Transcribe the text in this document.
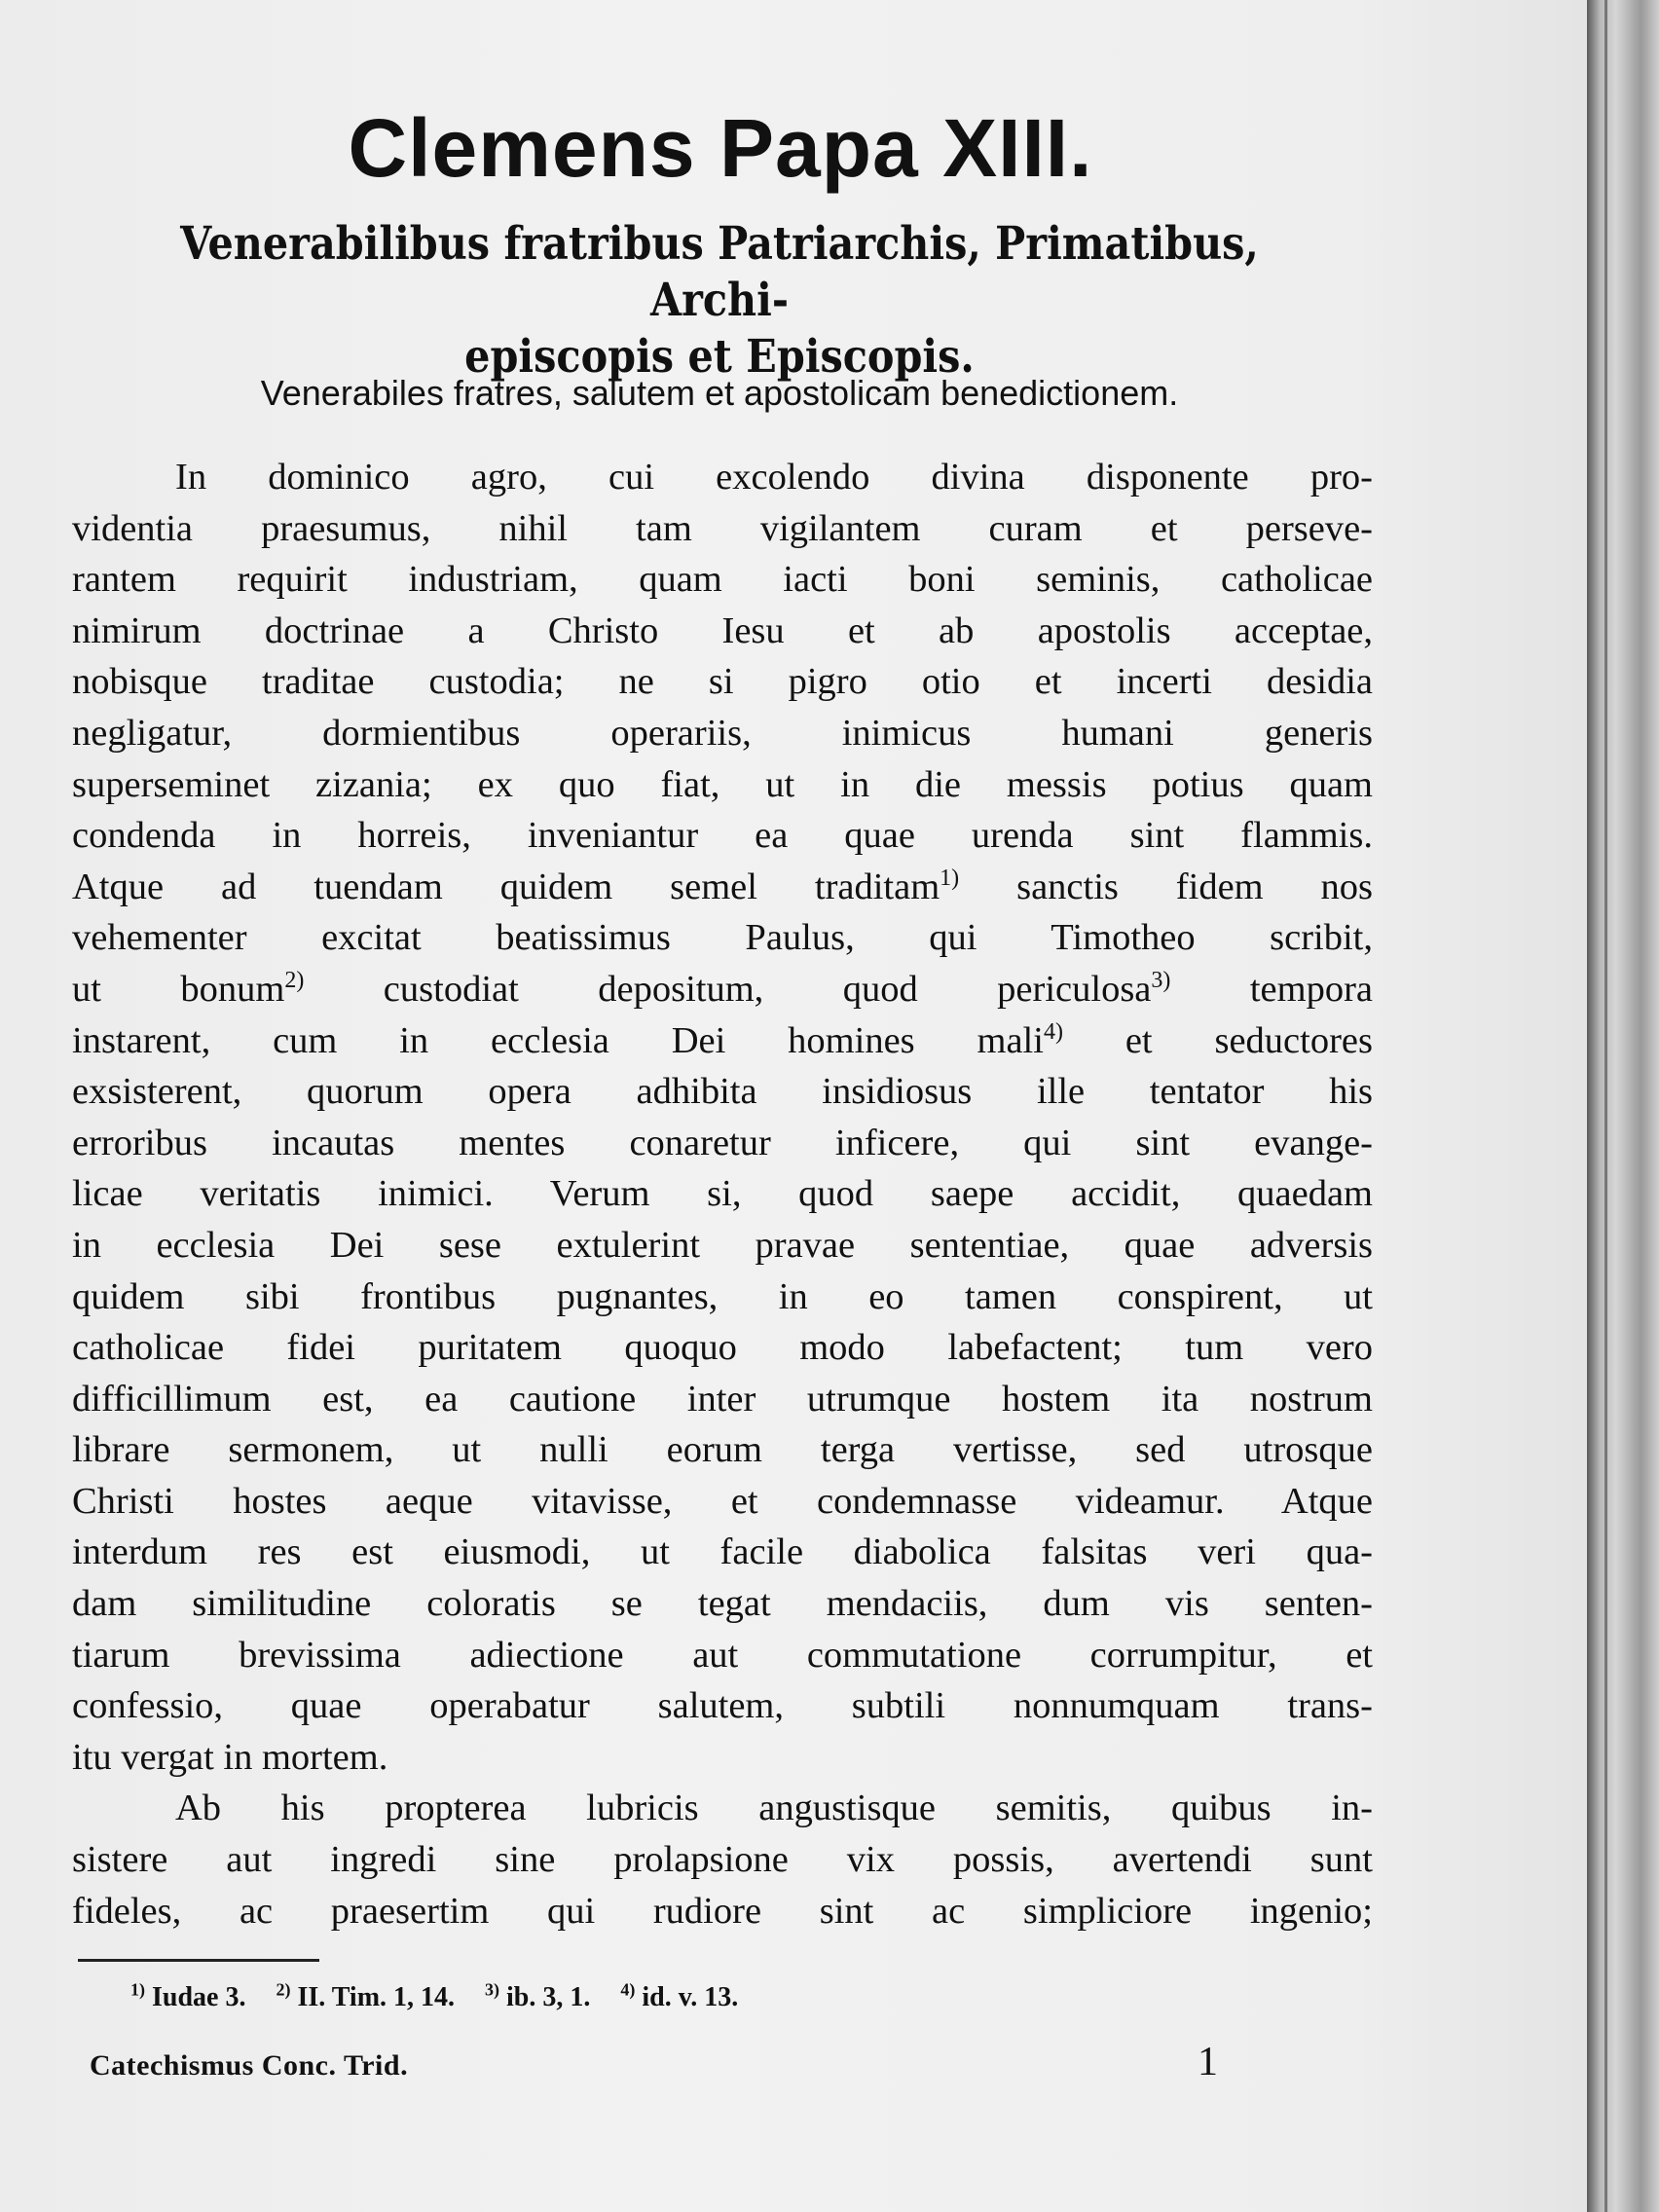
Clemens Papa XIII.
Venerabilibus fratribus Patriarchis, Primatibus, Archi-
episcopis et Episcopis.
Venerabiles fratres, salutem et apostolicam benedictionem.
In dominico agro, cui excolendo divina disponente pro-
videntia praesumus, nihil tam vigilantem curam et perseve-
rantem requirit industriam, quam iacti boni seminis, catholicae
nimirum doctrinae a Christo Iesu et ab apostolis acceptae,
nobisque traditae custodia; ne si pigro otio et incerti desidia
negligatur, dormientibus operariis, inimicus humani generis
superseminet zizania; ex quo fiat, ut in die messis potius quam
condenda in horreis, inveniantur ea quae urenda sint flammis.
Atque ad tuendam quidem semel traditam$^{1)}$ sanctis fidem nos
vehementer excitat beatissimus Paulus, qui Timotheo scribit,
ut bonum$^{2)}$ custodiat depositum, quod periculosa$^{3)}$ tempora
instarent, cum in ecclesia Dei homines mali$^{4)}$ et seductores
exsisterent, quorum opera adhibita insidiosus ille tentator his
erroribus incautas mentes conaretur inficere, qui sint evange-
licae veritatis inimici. Verum si, quod saepe accidit, quaedam
in ecclesia Dei sese extulerint pravae sententiae, quae adversis
quidem sibi frontibus pugnantes, in eo tamen conspirent, ut
catholicae fidei puritatem quoquo modo labefactent; tum vero
difficillimum est, ea cautione inter utrumque hostem ita nostrum
librare sermonem, ut nulli eorum terga vertisse, sed utrosque
Christi hostes aeque vitavisse, et condemnasse videamur. Atque
interdum res est eiusmodi, ut facile diabolica falsitas veri qua-
dam similitudine coloratis se tegat mendaciis, dum vis senten-
tiarum brevissima adiectione aut commutatione corrumpitur, et
confessio, quae operabatur salutem, subtili nonnumquam trans-
itu vergat in mortem.
Ab his propterea lubricis angustisque semitis, quibus in-
sistere aut ingredi sine prolapsione vix possis, avertendi sunt
fideles, ac praesertim qui rudiore sint ac simpliciore ingenio;
$^{1)}$ Iudae 3. $^{2)}$ II. Tim. 1, 14. $^{3)}$ ib. 3, 1. $^{4)}$ id. v. 13.
Catechismus Conc. Trid.	1
